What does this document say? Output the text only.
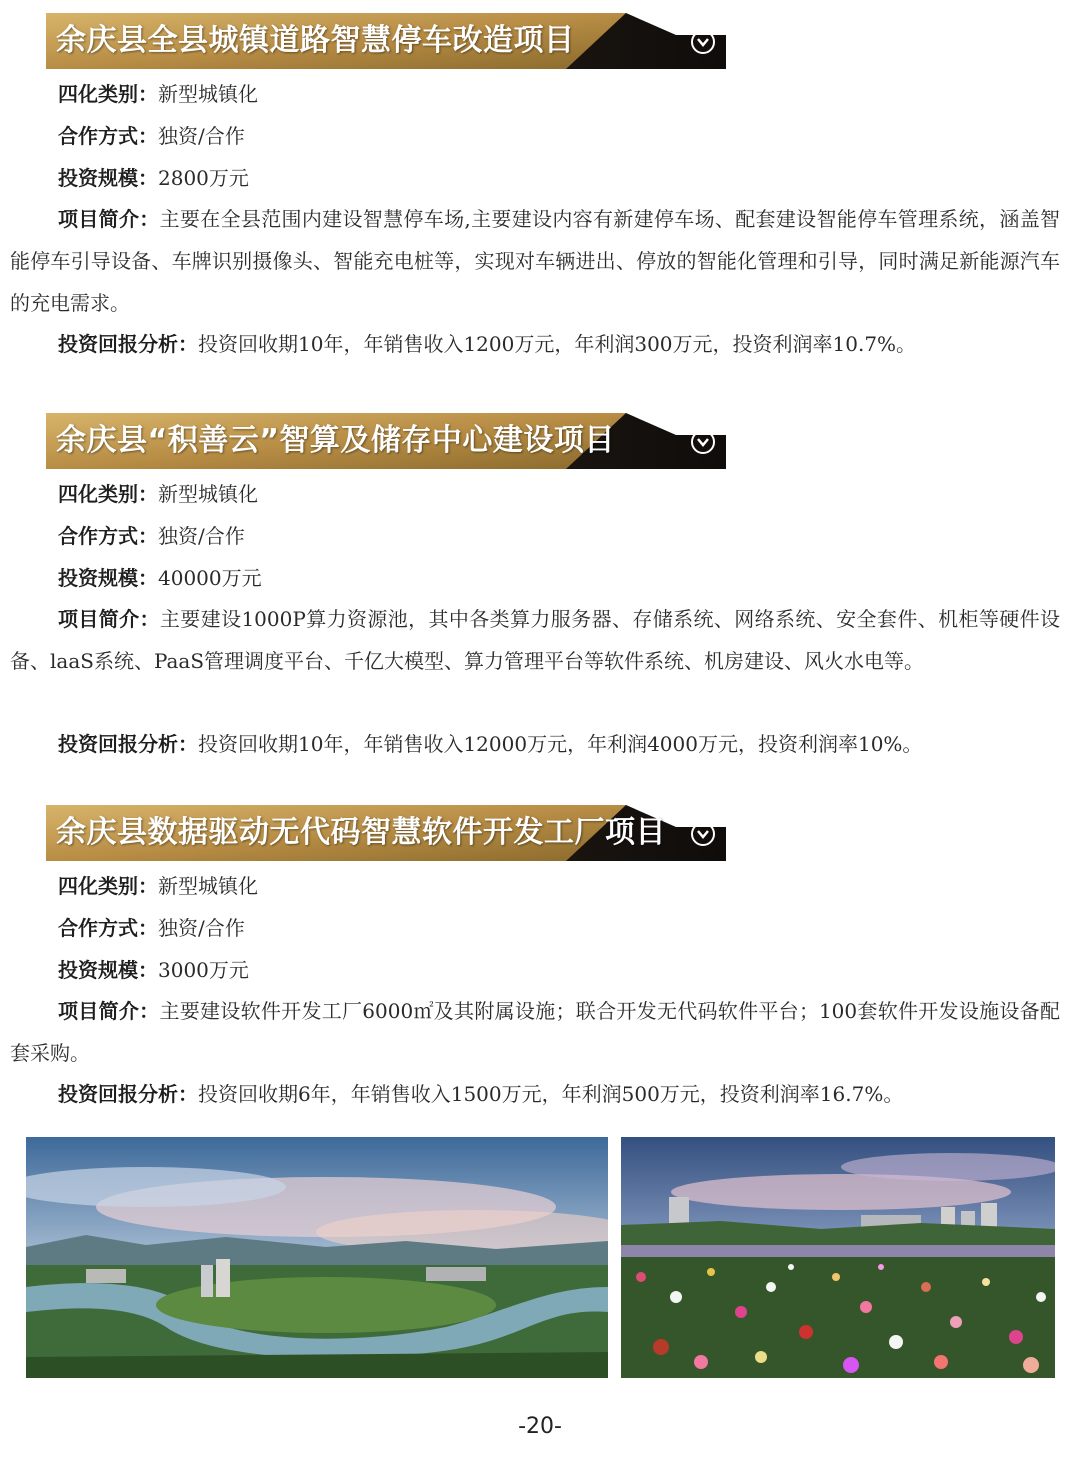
余庆县全县城镇道路智慧停车改造项目
四化类别：新型城镇化
合作方式：独资/合作
投资规模：2800万元
项目简介：主要在全县范围内建设智慧停车场,主要建设内容有新建停车场、配套建设智能停车管理系统，涵盖智能停车引导设备、车牌识别摄像头、智能充电桩等，实现对车辆进出、停放的智能化管理和引导，同时满足新能源汽车的充电需求。
投资回报分析：投资回收期10年，年销售收入1200万元，年利润300万元，投资利润率10.7%。
余庆县“积善云”智算及储存中心建设项目
四化类别：新型城镇化
合作方式：独资/合作
投资规模：40000万元
项目简介：主要建设1000P算力资源池，其中各类算力服务器、存储系统、网络系统、安全套件、机柜等硬件设备、laaS系统、PaaS管理调度平台、千亿大模型、算力管理平台等软件系统、机房建设、风火水电等。
投资回报分析：投资回收期10年，年销售收入12000万元，年利润4000万元，投资利润率10%。
余庆县数据驱动无代码智慧软件开发工厂项目
四化类别：新型城镇化
合作方式：独资/合作
投资规模：3000万元
项目简介：主要建设软件开发工厂6000㎡及其附属设施；联合开发无代码软件平台；100套软件开发设施设备配套采购。
投资回报分析：投资回收期6年，年销售收入1500万元，年利润500万元，投资利润率16.7%。
-20-
